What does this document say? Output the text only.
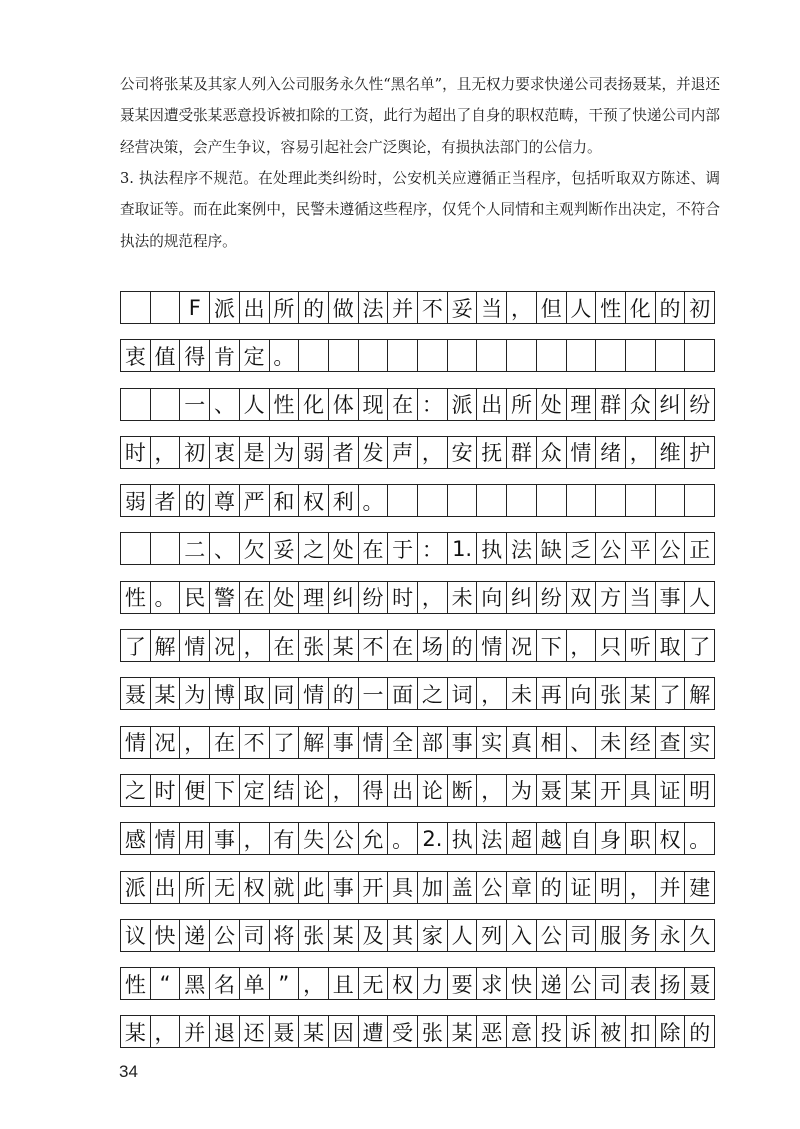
公司将张某及其家人列入公司服务永久性“黑名单”，且无权力要求快递公司表扬聂某，并退还聂某因遭受张某恶意投诉被扣除的工资，此行为超出了自身的职权范畴，干预了快递公司内部经营决策，会产生争议，容易引起社会广泛舆论，有损执法部门的公信力。
3. 执法程序不规范。在处理此类纠纷时，公安机关应遵循正当程序，包括听取双方陈述、调查取证等。而在此案例中，民警未遵循这些程序，仅凭个人同情和主观判断作出决定，不符合执法的规范程序。
F 派 出 所 的 做 法 并 不 妥 当 ， 但 人 性 化 的 初
衷 值 得 肯 定 。
一 、 人 性 化 体 现 在 ： 派 出 所 处 理 群 众 纠 纷
时 ， 初 衷 是 为 弱 者 发 声 ， 安 抚 群 众 情 绪 ， 维 护
弱 者 的 尊 严 和 权 利 。
二 、 欠 妥 之 处 在 于 ： 1. 执 法 缺 乏 公 平 公 正
性 。 民 警 在 处 理 纠 纷 时 ， 未 向 纠 纷 双 方 当 事 人
了 解 情 况 ， 在 张 某 不 在 场 的 情 况 下 ， 只 听 取 了
聂 某 为 博 取 同 情 的 一 面 之 词 ， 未 再 向 张 某 了 解
情 况 ， 在 不 了 解 事 情 全 部 事 实 真 相 、 未 经 查 实
之 时 便 下 定 结 论 ， 得 出 论 断 ， 为 聂 某 开 具 证 明
感 情 用 事 ， 有 失 公 允 。 2. 执 法 超 越 自 身 职 权 。
派 出 所 无 权 就 此 事 开 具 加 盖 公 章 的 证 明 ， 并 建
议 快 递 公 司 将 张 某 及 其 家 人 列 入 公 司 服 务 永 久
性 “ 黑 名 单 ” ， 且 无 权 力 要 求 快 递 公 司 表 扬 聂
某 ， 并 退 还 聂 某 因 遭 受 张 某 恶 意 投 诉 被 扣 除 的
34
